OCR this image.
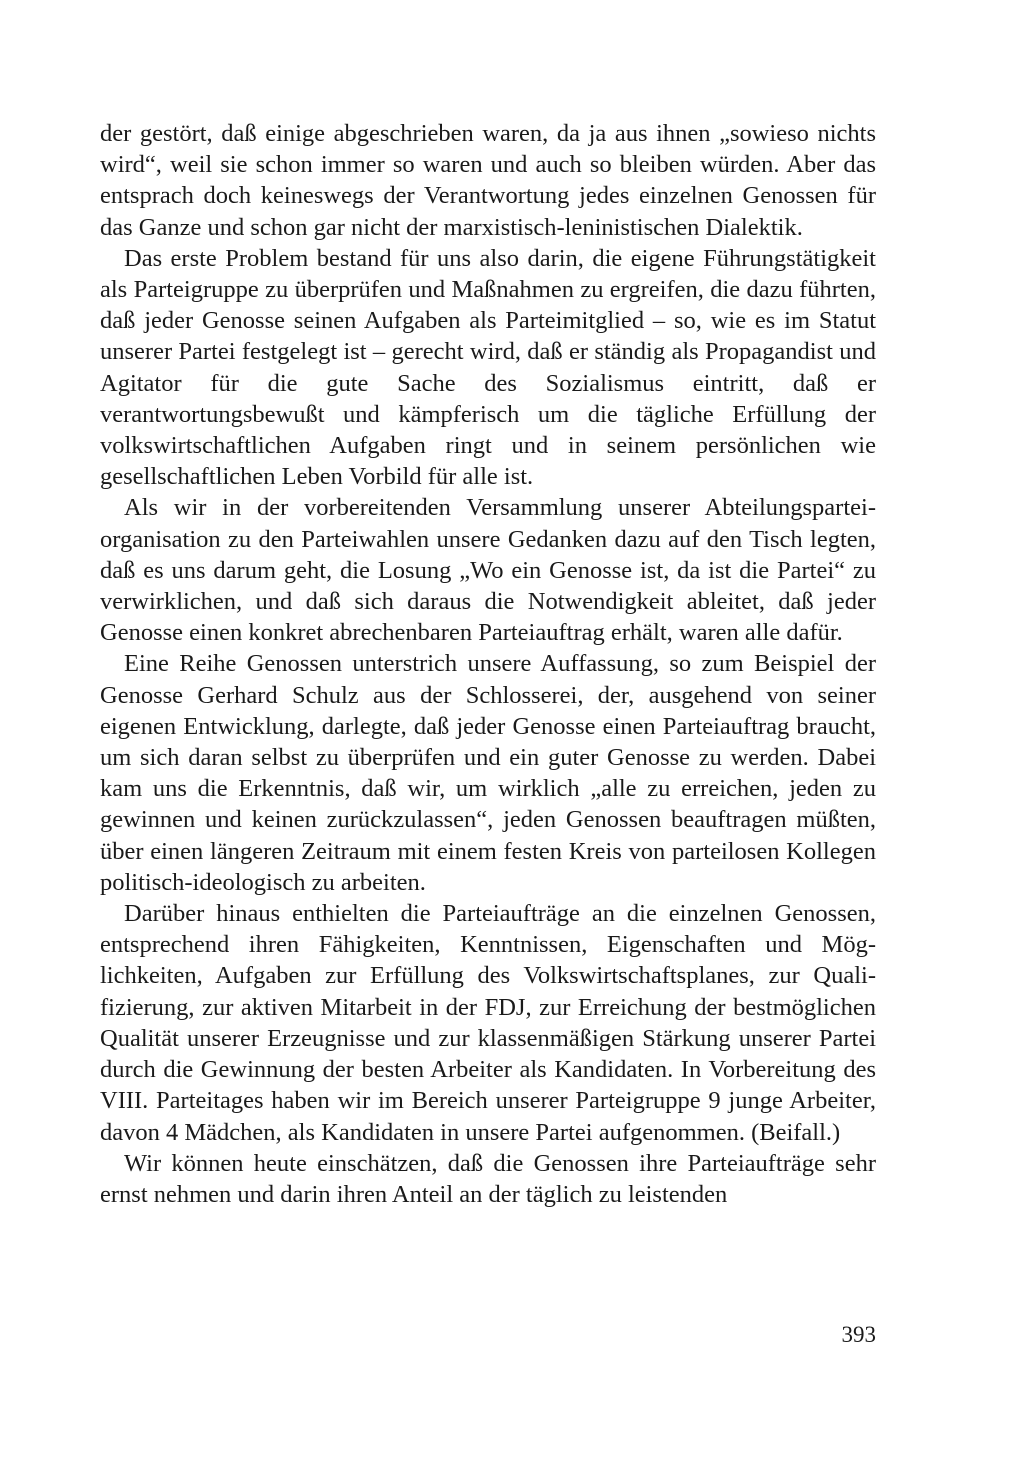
der gestört, daß einige abgeschrieben waren, da ja aus ihnen „sowieso nichts wird“, weil sie schon immer so waren und auch so bleiben würden. Aber das entsprach doch keineswegs der Verantwortung jedes einzelnen Genossen für das Ganze und schon gar nicht der marxistisch-leninistischen Dialektik.

Das erste Problem bestand für uns also darin, die eigene Führungstätigkeit als Parteigruppe zu überprüfen und Maßnahmen zu ergreifen, die dazu führten, daß jeder Genosse seinen Aufgaben als Parteimitglied – so, wie es im Statut unserer Partei festgelegt ist – gerecht wird, daß er ständig als Propagandist und Agitator für die gute Sache des Sozialismus eintritt, daß er verantwortungsbewußt und kämpferisch um die tägliche Erfüllung der volkswirtschaftlichen Aufgaben ringt und in seinem persönlichen wie gesellschaftlichen Leben Vorbild für alle ist.

Als wir in der vorbereitenden Versammlung unserer Abteilungsparteiorganisation zu den Parteiwahlen unsere Gedanken dazu auf den Tisch legten, daß es uns darum geht, die Losung „Wo ein Genosse ist, da ist die Partei“ zu verwirklichen, und daß sich daraus die Notwendigkeit ableitet, daß jeder Genosse einen konkret abrechenbaren Parteiauftrag erhält, waren alle dafür.

Eine Reihe Genossen unterstrich unsere Auffassung, so zum Beispiel der Genosse Gerhard Schulz aus der Schlosserei, der, ausgehend von seiner eigenen Entwicklung, darlegte, daß jeder Genosse einen Parteiauftrag braucht, um sich daran selbst zu überprüfen und ein guter Genosse zu werden. Dabei kam uns die Erkenntnis, daß wir, um wirklich „alle zu erreichen, jeden zu gewinnen und keinen zurückzulassen“, jeden Genossen beauftragen müßten, über einen längeren Zeitraum mit einem festen Kreis von parteilosen Kollegen politisch-ideologisch zu arbeiten.

Darüber hinaus enthielten die Parteiaufträge an die einzelnen Genossen, entsprechend ihren Fähigkeiten, Kenntnissen, Eigenschaften und Möglichkeiten, Aufgaben zur Erfüllung des Volkswirtschaftsplanes, zur Qualifizierung, zur aktiven Mitarbeit in der FDJ, zur Erreichung der bestmöglichen Qualität unserer Erzeugnisse und zur klassenmäßigen Stärkung unserer Partei durch die Gewinnung der besten Arbeiter als Kandidaten. In Vorbereitung des VIII. Parteitages haben wir im Bereich unserer Parteigruppe 9 junge Arbeiter, davon 4 Mädchen, als Kandidaten in unsere Partei aufgenommen. (Beifall.)

Wir können heute einschätzen, daß die Genossen ihre Parteiaufträge sehr ernst nehmen und darin ihren Anteil an der täglich zu leistenden

393
